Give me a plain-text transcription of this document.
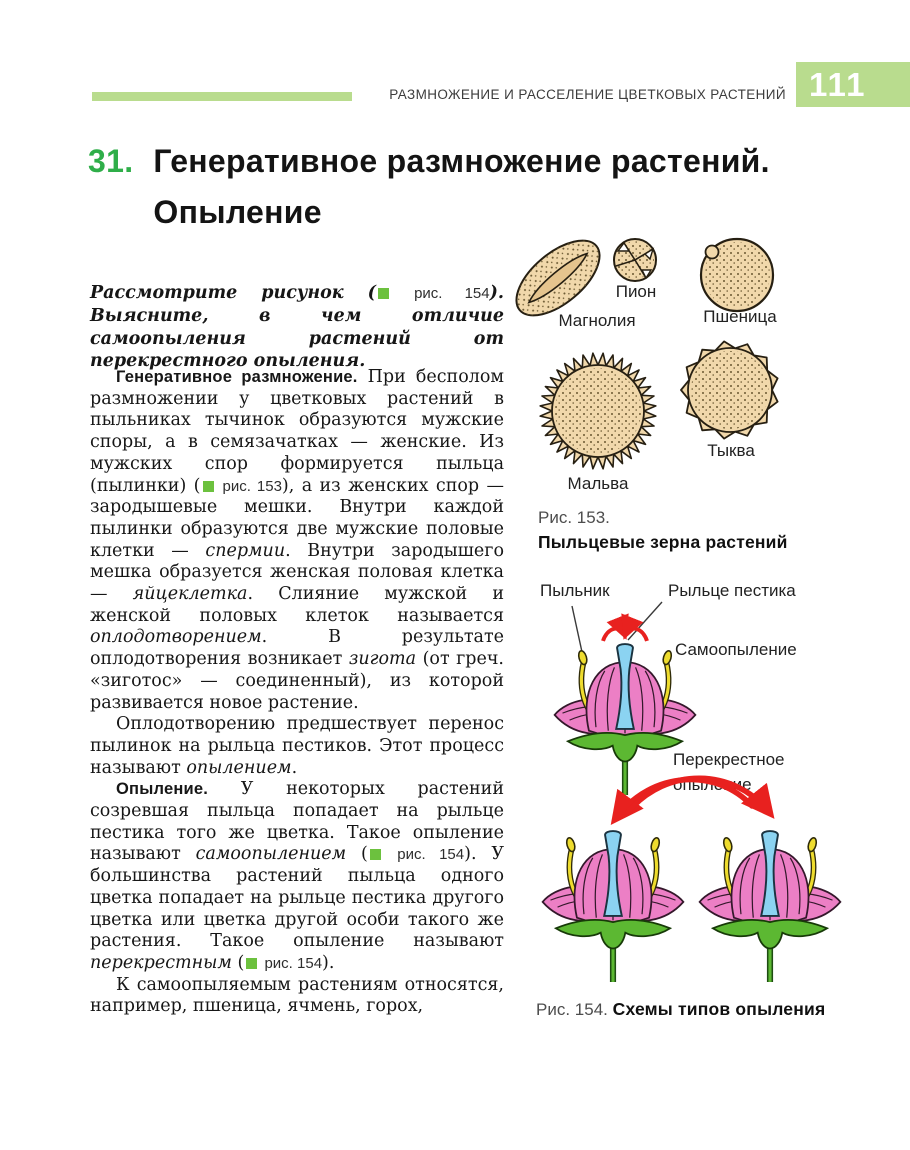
РАЗМНОЖЕНИЕ И РАССЕЛЕНИЕ ЦВЕТКОВЫХ РАСТЕНИЙ 111
31. Генеративное размножение растений.
Опыление
Рассмотрите рисунок ( рис. 154). Выясните, в чем отличие самоопыления растений от перекрестного опыления.

Генеративное размножение. При бесполом размножении у цветковых растений в пыльниках тычинок образуются мужские споры, а в семязачатках — женские. Из мужских спор формируется пыльца (пылинки) ( рис. 153), а из женских спор — зародышевые мешки. Внутри каждой пылинки образуются две мужские половые клетки — спермии. Внутри зародышего мешка образуется женская половая клетка — яйцеклетка. Слияние мужской и женской половых клеток называется оплодотворением. В результате оплодотворения возникает зигота (от греч. «зиготос» — соединенный), из которой развивается новое растение.

Оплодотворению предшествует перенос пылинок на рыльца пестиков. Этот процесс называют опылением.

Опыление. У некоторых растений созревшая пыльца попадает на рыльце пестика того же цветка. Такое опыление называют самоопылением ( рис. 154). У большинства растений пыльца одного цветка попадает на рыльце пестика другого цветка или цветка другой особи такого же растения. Такое опыление называют перекрестным ( рис. 154).

К самоопыляемым растениям относятся, например, пшеница, ячмень, горох,

Магнолия
Пион
Пшеница
Мальва
Тыква
Рис. 153.
Пыльцевые зерна растений
Пыльник	Рыльце пестика
Самоопыление
Перекрестное
опыление
Рис. 154. Схемы типов опыления
